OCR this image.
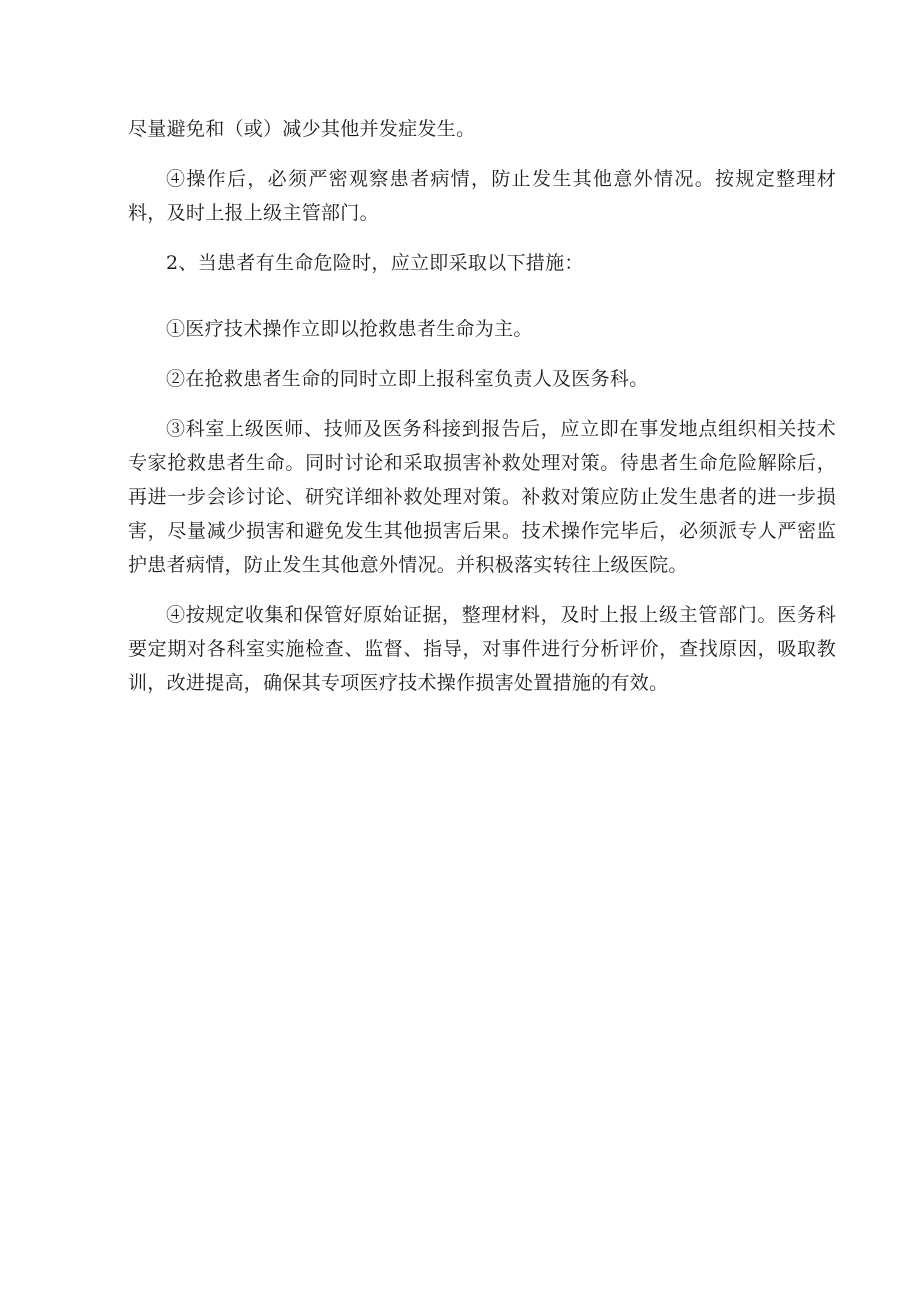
尽量避免和（或）减少其他并发症发生。

④操作后，必须严密观察患者病情，防止发生其他意外情况。按规定整理材料，及时上报上级主管部门。

2、当患者有生命危险时，应立即采取以下措施：

①医疗技术操作立即以抢救患者生命为主。

②在抢救患者生命的同时立即上报科室负责人及医务科。

③科室上级医师、技师及医务科接到报告后，应立即在事发地点组织相关技术专家抢救患者生命。同时讨论和采取损害补救处理对策。待患者生命危险解除后，再进一步会诊讨论、研究详细补救处理对策。补救对策应防止发生患者的进一步损害，尽量减少损害和避免发生其他损害后果。技术操作完毕后，必须派专人严密监护患者病情，防止发生其他意外情况。并积极落实转往上级医院。

④按规定收集和保管好原始证据，整理材料，及时上报上级主管部门。医务科要定期对各科室实施检查、监督、指导，对事件进行分析评价，查找原因，吸取教训，改进提高，确保其专项医疗技术操作损害处置措施的有效。
